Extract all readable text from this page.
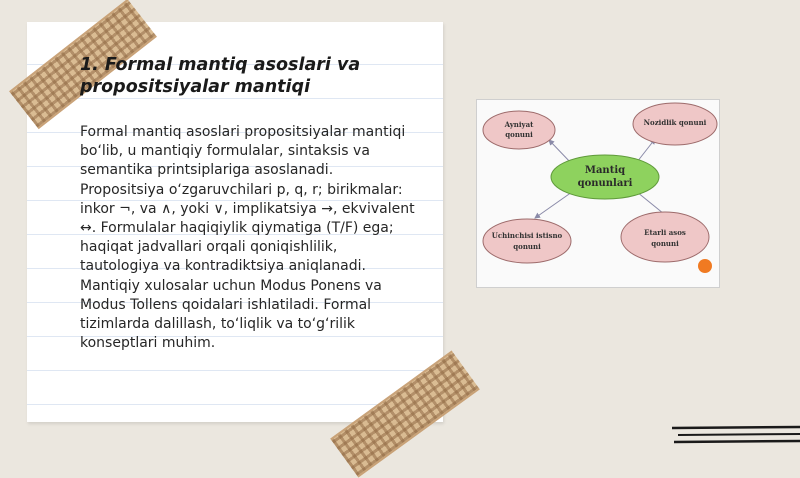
1. Formal mantiq asoslari va propositsiyalar mantiqi

Formal mantiq asoslari propositsiyalar mantiqi bo‘lib, u mantiqiy formulalar, sintaksis va semantika printsiplariga asoslanadi. Propositsiya o‘zgaruvchilari p, q, r; birikmalar: inkor ¬, va ∧, yoki ∨, implikatsiya →, ekvivalent ↔. Formulalar haqiqiylik qiymatiga (T/F) ega; haqiqat jadvallari orqali qoniqishlilik, tautologiya va kontradiktsiya aniqlanadi. Mantiqiy xulosalar uchun Modus Ponens va Modus Tollens qoidalari ishlatiladi. Formal tizimlarda dalillash, to‘liqlik va to‘g‘rilik konseptlari muhim.

Ayniyat
qonuni
Nozidlik qonuni
Mantiq
qonunlari
Uchinchisi istisno
qonuni
Etarli asos
qonuni
